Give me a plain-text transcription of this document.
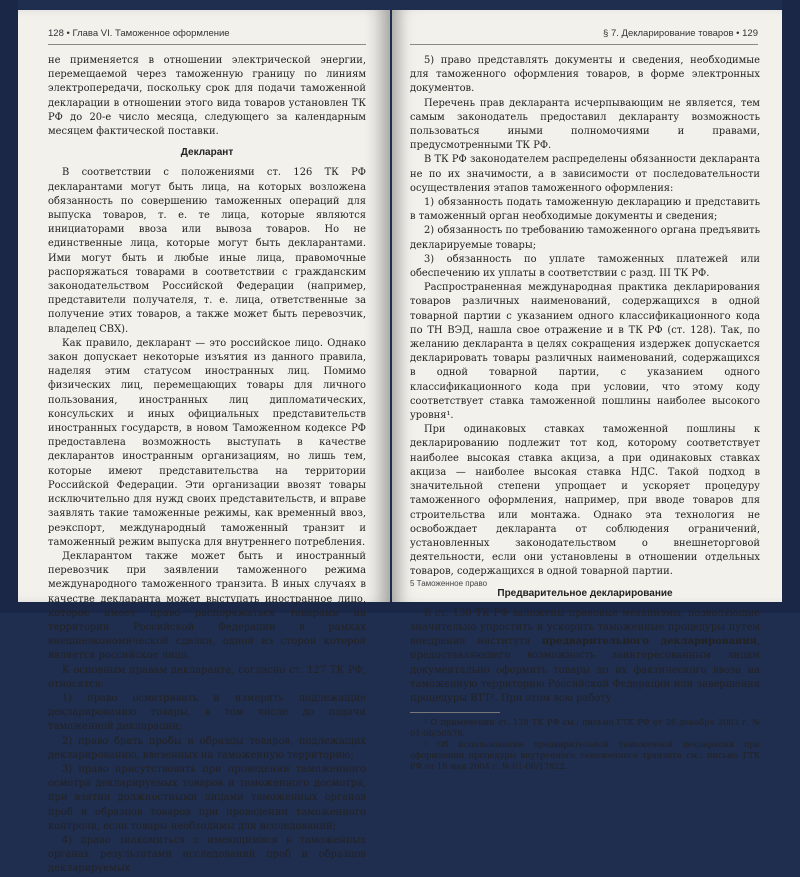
128 • Глава VI. Таможенное оформление

не применяется в отношении электрической энергии, перемещаемой через таможенную границу по линиям электропередачи, поскольку срок для подачи таможенной декларации в отношении этого вида товаров установлен ТК РФ до 20-е число месяца, следующего за календарным месяцем фактической поставки.

Декларант

В соответствии с положениями ст. 126 ТК РФ декларантами могут быть лица, на которых возложена обязанность по совершению таможенных операций для выпуска товаров, т. е. те лица, которые являются инициаторами ввоза или вывоза товаров. Но не единственные лица, которые могут быть декларантами. Ими могут быть и любые иные лица, правомочные распоряжаться товарами в соответствии с гражданским законодательством Российской Федерации (например, представители получателя, т. е. лица, ответственные за получение этих товаров, а также может быть перевозчик, владелец СВХ).

Как правило, декларант — это российское лицо. Однако закон допускает некоторые изъятия из данного правила, наделяя этим статусом иностранных лиц. Помимо физических лиц, перемещающих товары для личного пользования, иностранных лиц дипломатических, консульских и иных официальных представительств иностранных государств, в новом Таможенном кодексе РФ предоставлена возможность выступать в качестве декларантов иностранным организациям, но лишь тем, которые имеют представительства на территории Российской Федерации. Эти организации ввозят товары исключительно для нужд своих представительств, и вправе заявлять такие таможенные режимы, как временный ввоз, реэкспорт, международный таможенный транзит и таможенный режим выпуска для внутреннего потребления.

Декларантом также может быть и иностранный перевозчик при заявлении таможенного режима международного таможенного транзита. В иных случаях в качестве декларанта может выступать иностранное лицо, которое имеет право распоряжаться товарами на территории Российской Федерации в рамках внешнеэкономической сделки, одной из сторон которой является российское лицо.

К основным правам декларанта, согласно ст. 127 ТК РФ, относятся:

1) право осматривать и измерять подлежащие декларированию товары, в том числе до подачи таможенной декларации;

2) право брать пробы и образцы товаров, подлежащих декларированию, ввезенных на таможенную территорию;

3) право присутствовать при проведении таможенного осмотра декларируемых товаров и таможенного досмотра, при взятии должностными лицами таможенных органов проб и образцов товаров при проведении таможенного контроля, если товары необходимы для исследований;

4) право знакомиться с имеющимися в таможенных органах результатами исследований проб и образцов декларируемых

§ 7. Декларирование товаров • 129

5) право представлять документы и сведения, необходимые для таможенного оформления товаров, в форме электронных документов.

Перечень прав декларанта исчерпывающим не является, тем самым законодатель предоставил декларанту возможность пользоваться иными полномочиями и правами, предусмотренными ТК РФ.

В ТК РФ законодателем распределены обязанности декларанта не по их значимости, а в зависимости от последовательности осуществления этапов таможенного оформления:

1) обязанность подать таможенную декларацию и представить в таможенный орган необходимые документы и сведения;

2) обязанность по требованию таможенного органа предъявить декларируемые товары;

3) обязанность по уплате таможенных платежей или обеспечению их уплаты в соответствии с разд. III ТК РФ.

Распространенная международная практика декларирования товаров различных наименований, содержащихся в одной товарной партии с указанием одного классификационного кода по ТН ВЭД, нашла свое отражение и в ТК РФ (ст. 128). Так, по желанию декларанта в целях сокращения издержек допускается декларировать товары различных наименований, содержащихся в одной товарной партии, с указанием одного классификационного кода при условии, что этому коду соответствует ставка таможенной пошлины наиболее высокого уровня¹.

При одинаковых ставках таможенной пошлины к декларированию подлежит тот код, которому соответствует наиболее высокая ставка акциза, а при одинаковых ставках акциза — наиболее высокая ставка НДС. Такой подход в значительной степени упрощает и ускоряет процедуру таможенного оформления, например, при вводе товаров для строительства или монтажа. Однако эта технология не освобождает декларанта от соблюдения ограничений, установленных законодательством о внешнеторговой деятельности, если они установлены в отношении отдельных товаров, содержащихся в одной товарной партии.

Предварительное декларирование

В ст. 130 ТК РФ заложены правовые механизмы, позволяющие значительно упростить и ускорить таможенные процедуры путем внедрения института предварительного декларирования, предоставляющего возможность заинтересованным лицам документально оформить товары до их фактического ввоза на таможенную территорию Российской Федерации или завершения процедуры ВТТ². При этом всю работу

¹ О применении ст. 128 ТК РФ см.: письмо ГТК РФ от 26 декабря 2003 г. № 01-06/50576.

² Об использовании предварительной таможенной декларации при оформлении процедуры внутреннего таможенного транзита см.: письмо ГТК РФ от 18 мая 2004 г. № 01-06/17822.

5 Таможенное право
